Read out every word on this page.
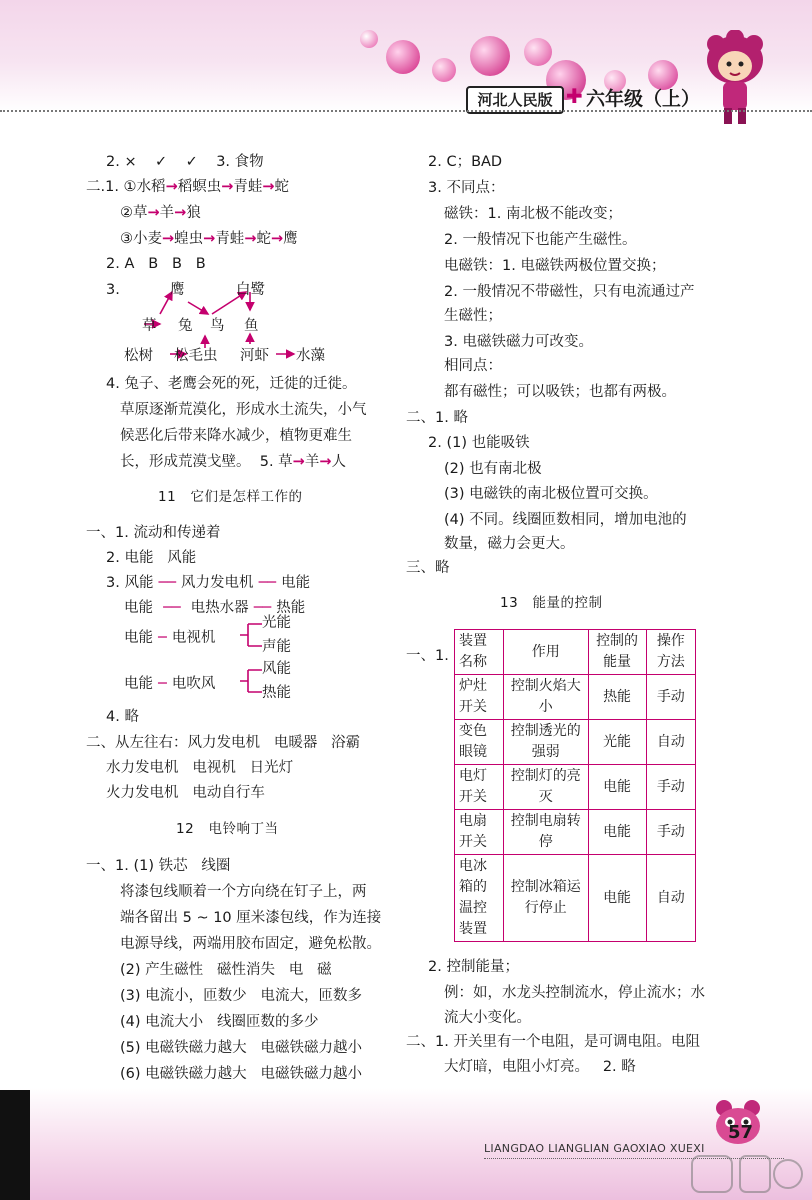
河北人民版 ✚ 六年级（上）
2. ×    ✓    ✓    3. 食物
二.1. ①水稻→稻螟虫→青蛙→蛇
②草→羊→狼
③小麦→蝗虫→青蛙→蛇→鹰
2. A   B   B   B
3.	鹰	白鹭
草 兔 鸟 鱼
松树 松毛虫 河虾 水藻
4. 兔子、老鹰会死的死，迁徙的迁徙。
草原逐渐荒漠化，形成水土流失，小气
候恶化后带来降水减少，植物更难生
长，形成荒漠戈壁。  5. 草→羊→人
11   它们是怎样工作的
一、1. 流动和传递着
2. 电能   风能
3. 风能 ── 风力发电机 ── 电能
电能  ──  电热水器 ── 热能
电能 ─ 电视机
光能
声能
电能 ─ 电吹风
风能
热能
4. 略
二、从左往右：风力发电机   电暖器   浴霸
水力发电机   电视机   日光灯
火力发电机   电动自行车
12   电铃响丁当
一、1. (1) 铁芯   线圈
将漆包线顺着一个方向绕在钉子上，两
端各留出 5 ~ 10 厘米漆包线，作为连接
电源导线，两端用胶布固定，避免松散。
(2) 产生磁性   磁性消失   电   磁
(3) 电流小，匝数少   电流大，匝数多
(4) 电流大小   线圈匝数的多少
(5) 电磁铁磁力越大   电磁铁磁力越小
(6) 电磁铁磁力越大   电磁铁磁力越小
2. C；BAD
3. 不同点：
磁铁：1. 南北极不能改变；
2. 一般情况下也能产生磁性。
电磁铁：1. 电磁铁两极位置交换；
2. 一般情况不带磁性，只有电流通过产
生磁性；
3. 电磁铁磁力可改变。
相同点：
都有磁性；可以吸铁；也都有两极。
二、1. 略
2. (1) 也能吸铁
(2) 也有南北极
(3) 电磁铁的南北极位置可交换。
(4) 不同。线圈匝数相同，增加电池的
数量，磁力会更大。
三、略
13   能量的控制
一、1.
装置名称	作用	控制的能量	操作方法
炉灶开关	控制火焰大小	热能	手动
变色眼镜	控制透光的强弱	光能	自动
电灯开关	控制灯的亮灭	电能	手动
电扇开关	控制电扇转停	电能	手动
电冰箱的温控装置	控制冰箱运行停止	电能	自动
2. 控制能量；
例：如，水龙头控制流水，停止流水；水
流大小变化。
二、1. 开关里有一个电阻，是可调电阻。电阻
大灯暗，电阻小灯亮。   2. 略
57
LIANGDAO LIANGLIAN GAOXIAO XUEXI
